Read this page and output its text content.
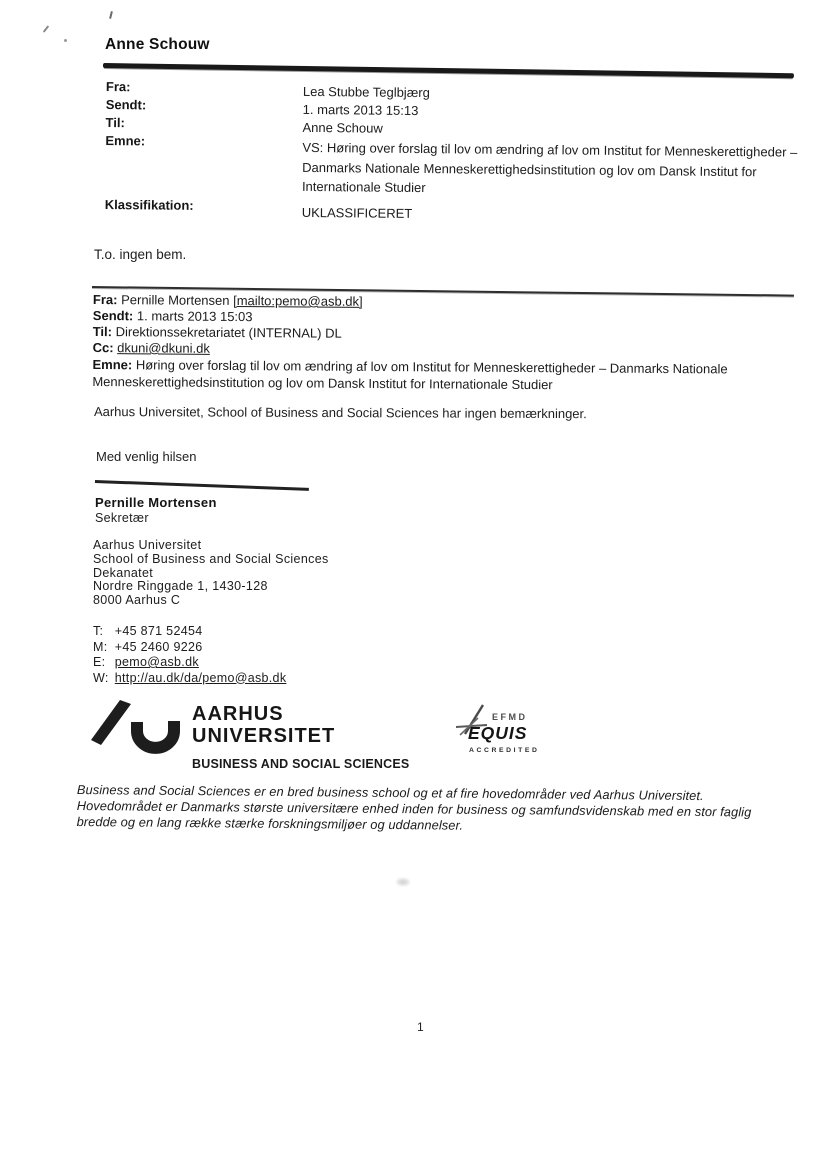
Anne Schouw
Fra:	Lea Stubbe Teglbjærg
Sendt:	1. marts 2013 15:13
Til:	Anne Schouw
Emne:	VS: Høring over forslag til lov om ændring af lov om Institut for Menneskerettigheder – Danmarks Nationale Menneskerettighedsinstitution og lov om Dansk Institut for Internationale Studier
Klassifikation:	UKLASSIFICERET
T.o. ingen bem.
Fra: Pernille Mortensen [mailto:pemo@asb.dk]
Sendt: 1. marts 2013 15:03
Til: Direktionssekretariatet (INTERNAL) DL
Cc: dkuni@dkuni.dk
Emne: Høring over forslag til lov om ændring af lov om Institut for Menneskerettigheder – Danmarks Nationale Menneskerettighedsinstitution og lov om Dansk Institut for Internationale Studier
Aarhus Universitet, School of Business and Social Sciences har ingen bemærkninger.
Med venlig hilsen
Pernille Mortensen
Sekretær
Aarhus Universitet
School of Business and Social Sciences
Dekanatet
Nordre Ringgade 1, 1430-128
8000 Aarhus C
T: +45 871 52454
M: +45 2460 9226
E: pemo@asb.dk
W: http://au.dk/da/pemo@asb.dk
AARHUS
UNIVERSITET
BUSINESS AND SOCIAL SCIENCES
EFMD
EQUIS
ACCREDITED
Business and Social Sciences er en bred business school og et af fire hovedområder ved Aarhus Universitet. Hovedområdet er Danmarks største universitære enhed inden for business og samfundsvidenskab med en stor faglig bredde og en lang række stærke forskningsmiljøer og uddannelser.
1
